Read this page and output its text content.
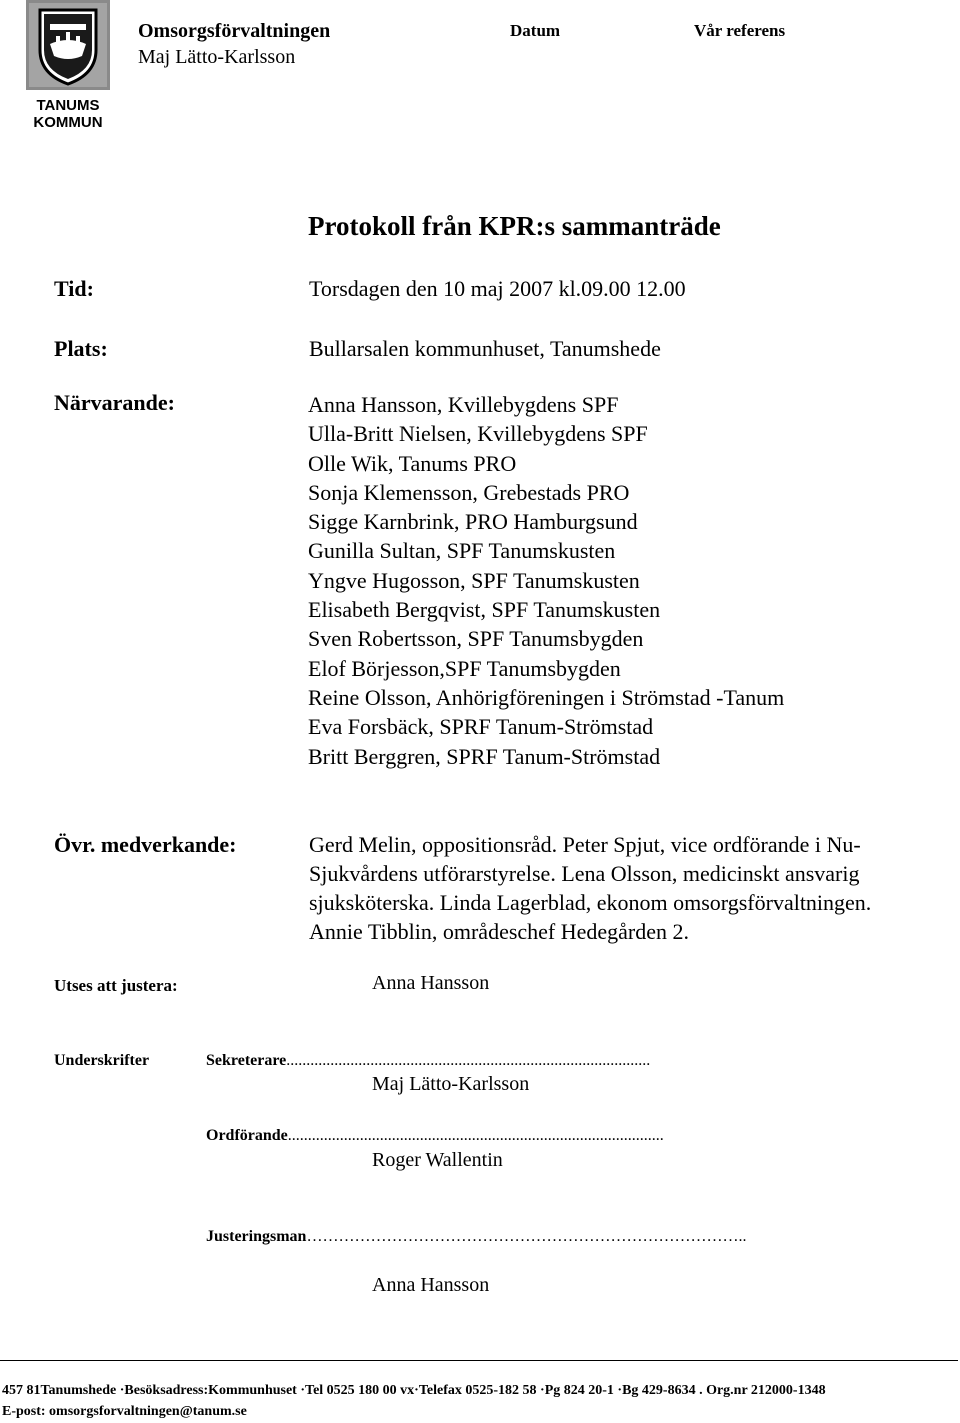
TANUMS
KOMMUN
Omsorgsförvaltningen
Maj Lätto-Karlsson
Datum	Vår referens
Protokoll från KPR:s sammanträde
Tid:	Torsdagen den 10 maj 2007 kl.09.00 12.00
Plats:	Bullarsalen kommunhuset, Tanumshede
Närvarande:	Anna Hansson, Kvillebygdens SPF
Ulla-Britt Nielsen, Kvillebygdens SPF
Olle Wik, Tanums PRO
Sonja Klemensson, Grebestads PRO
Sigge Karnbrink, PRO Hamburgsund
Gunilla Sultan, SPF Tanumskusten
Yngve Hugosson, SPF Tanumskusten
Elisabeth Bergqvist, SPF Tanumskusten
Sven Robertsson, SPF Tanumsbygden
Elof Börjesson,SPF Tanumsbygden
Reine Olsson, Anhörigföreningen i Strömstad -Tanum
Eva Forsbäck, SPRF Tanum-Strömstad
Britt Berggren, SPRF Tanum-Strömstad
Övr. medverkande:	Gerd Melin, oppositionsråd. Peter Spjut, vice ordförande i Nu-
Sjukvårdens utförarstyrelse. Lena Olsson, medicinskt ansvarig
sjuksköterska. Linda Lagerblad, ekonom omsorgsförvaltningen.
Annie Tibblin, områdeschef Hedegården 2.
Utses att justera:	Anna Hansson
Underskrifter	Sekreterare...........................................................................................
Maj Lätto-Karlsson
Ordförande..............................................................................................
Roger Wallentin
Justeringsman………………………………………………………………………..
Anna Hansson
457 81Tanumshede ·Besöksadress:Kommunhuset ·Tel 0525 180 00 vx·Telefax 0525-182 58 ·Pg 824 20-1 ·Bg 429-8634 . Org.nr 212000-1348
E-post: omsorgsforvaltningen@tanum.se
